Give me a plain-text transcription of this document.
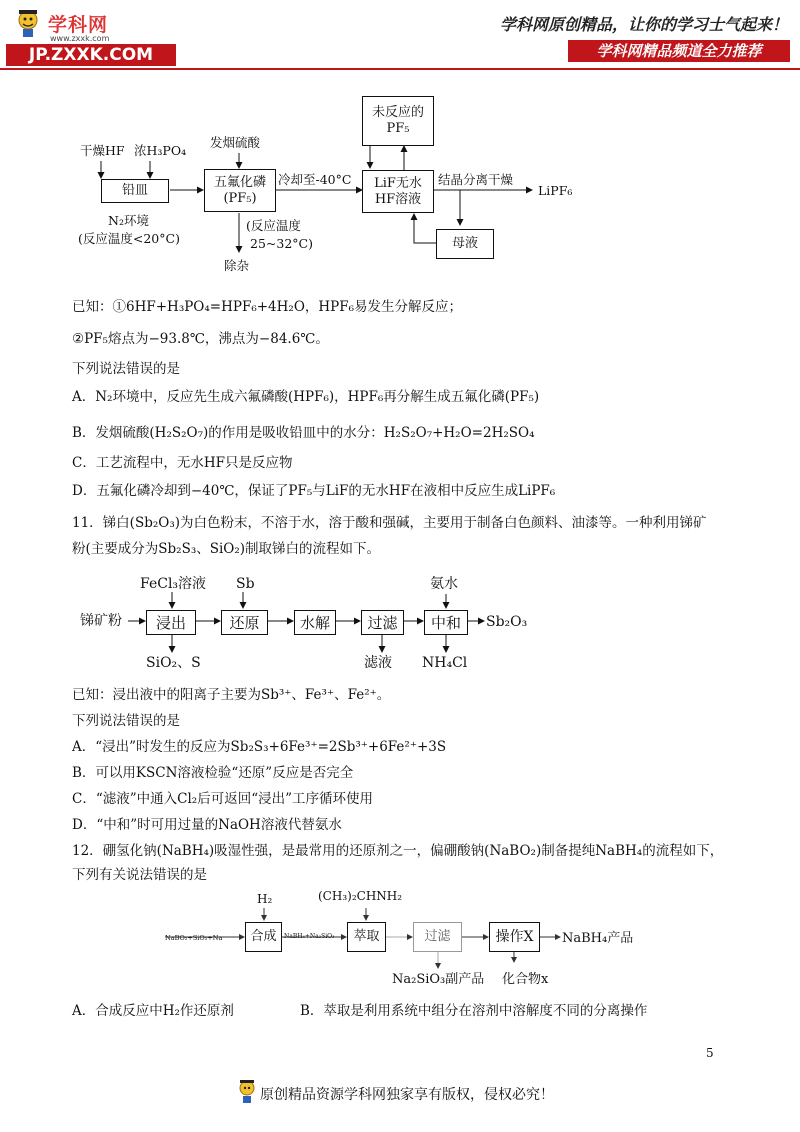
学科网
www.zxxk.com
JP.ZXXK.COM
学科网原创精品，让你的学习士气起来！
学科网精品频道全力推荐
干燥HF 浓H₃PO₄
铅皿
N₂环境
(反应温度<20°C)
发烟硫酸
五氟化磷
(PF₅)
(反应温度
25~32°C)
除杂
冷却至-40°C LiF无水
HF溶液
未反应的
PF₅
结晶分离干燥
LiPF₆
母液
已知：①6HF+H₃PO₄=HPF₆+4H₂O，HPF₆易发生分解反应；
②PF₅熔点为−93.8℃，沸点为−84.6℃。
下列说法错误的是
A．N₂环境中，反应先生成六氟磷酸(HPF₆)，HPF₆再分解生成五氟化磷(PF₅)
B．发烟硫酸(H₂S₂O₇)的作用是吸收铅皿中的水分：H₂S₂O₇+H₂O=2H₂SO₄
C．工艺流程中，无水HF只是反应物
D．五氟化磷冷却到−40℃，保证了PF₅与LiF的无水HF在液相中反应生成LiPF₆
11．锑白(Sb₂O₃)为白色粉末，不溶于水，溶于酸和强碱，主要用于制备白色颜料、油漆等。一种利用锑矿
粉(主要成分为Sb₂S₃、SiO₂)制取锑白的流程如下。
FeCl₃溶液 Sb	氨水
锑矿粉 浸出	还原	水解 过滤 中和 Sb₂O₃
SiO₂、S	滤液 NH₄Cl
已知：浸出液中的阳离子主要为Sb³⁺、Fe³⁺、Fe²⁺。
下列说法错误的是
A．“浸出”时发生的反应为Sb₂S₃+6Fe³⁺=2Sb³⁺+6Fe²⁺+3S
B．可以用KSCN溶液检验“还原”反应是否完全
C．“滤液”中通入Cl₂后可返回“浸出”工序循环使用
D．“中和”时可用过量的NaOH溶液代替氨水
12．硼氢化钠(NaBH₄)吸湿性强，是最常用的还原剂之一，偏硼酸钠(NaBO₂)制备提纯NaBH₄的流程如下，
下列有关说法错误的是
H₂	(CH₃)₂CHNH₂
NaBO₂+SiO₂+Na 合成 NaBH₄+Na₂SiO₃ 萃取	过滤	操作X NaBH₄产品
Na₂SiO₃副产品 化合物x
A．合成反应中H₂作还原剂	B．萃取是利用系统中组分在溶剂中溶解度不同的分离操作
5
原创精品资源学科网独家享有版权，侵权必究！
